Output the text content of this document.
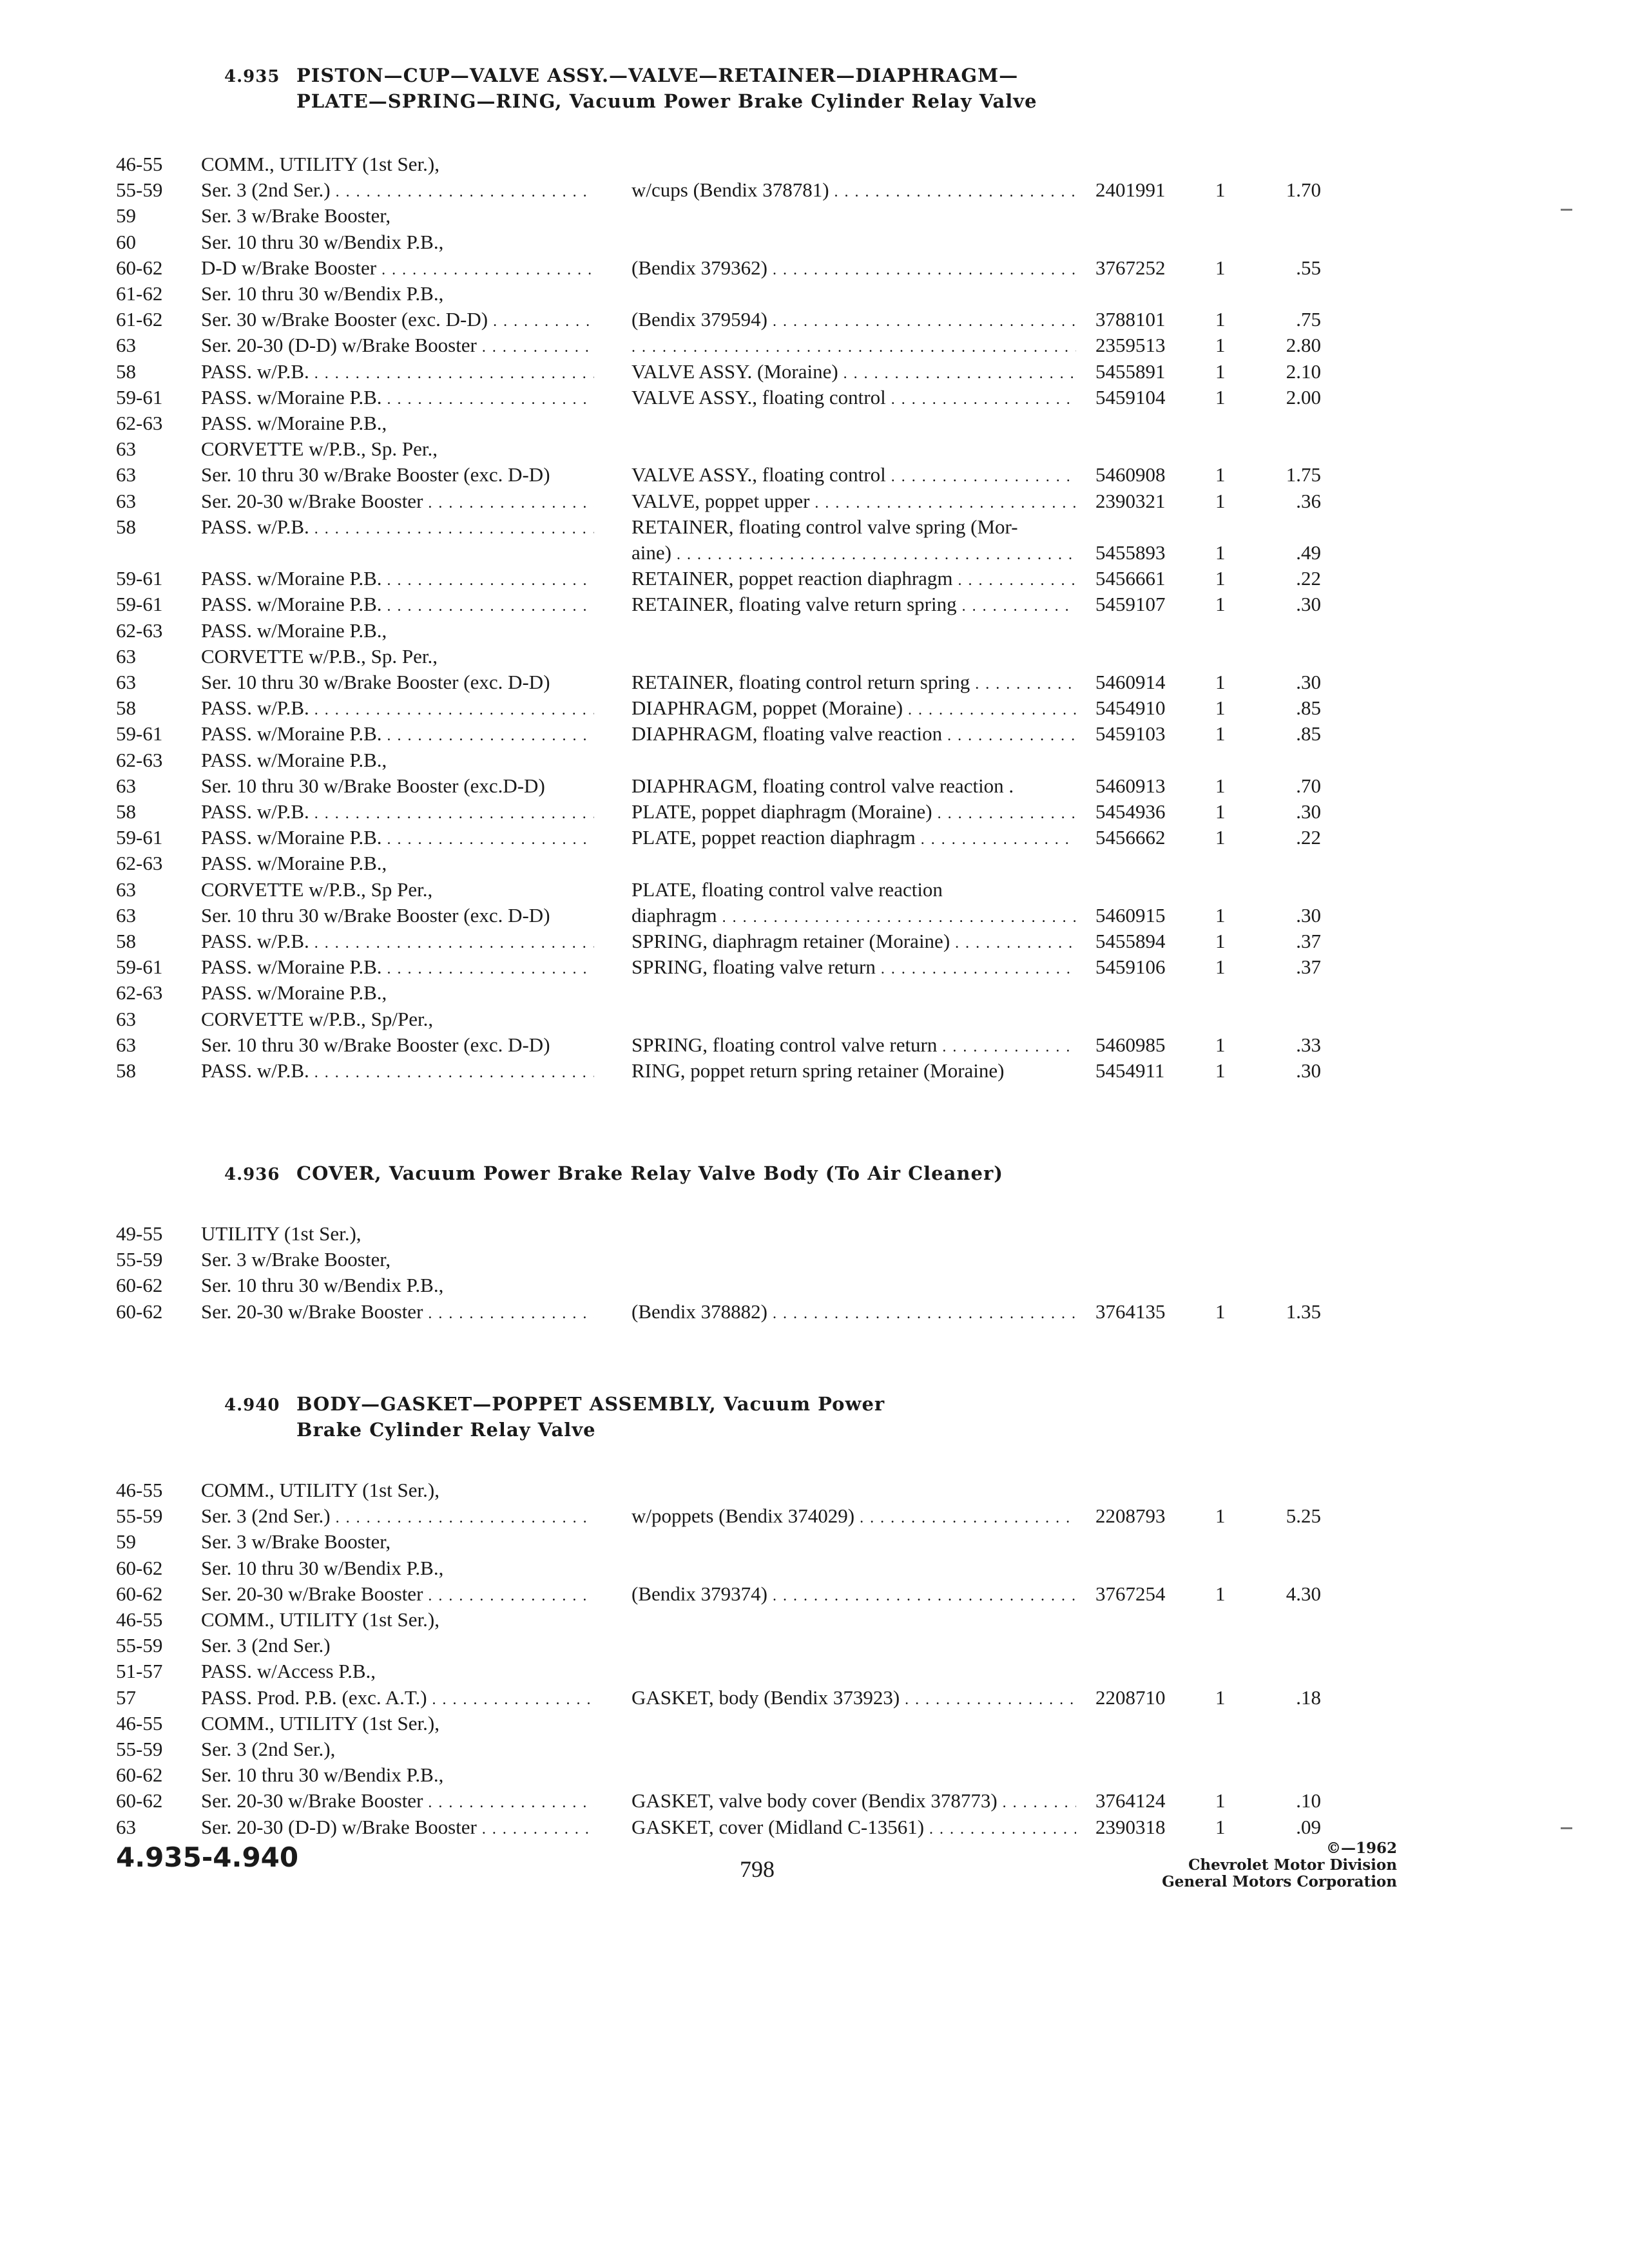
4.935 PISTON—CUP—VALVE ASSY.—VALVE—RETAINER—DIAPHRAGM—
PLATE—SPRING—RING, Vacuum Power Brake Cylinder Relay Valve
46-55 COMM., UTILITY (1st Ser.),
55-59 Ser. 3 (2nd Ser.) . . .	w/cups (Bendix 378781) . . .	2401991	1	1.70
59	Ser. 3 w/Brake Booster,
60	Ser. 10 thru 30 w/Bendix P.B.,
60-62 D-D w/Brake Booster . . .	(Bendix 379362) . . .	3767252	1	.55
61-62 Ser. 10 thru 30 w/Bendix P.B.,
61-62 Ser. 30 w/Brake Booster (exc. D-D) . . .	(Bendix 379594) . . .	3788101	1	.75
63	Ser. 20-30 (D-D) w/Brake Booster . . .
. . .	2359513	1	2.80
58	PASS. w/P.B. . . .	VALVE ASSY. (Moraine) . . .	5455891	1	2.10
59-61 PASS. w/Moraine P.B. . . .	VALVE ASSY., floating control . . .	5459104	1	2.00
62-63 PASS. w/Moraine P.B.,
63	CORVETTE w/P.B., Sp. Per.,
63	Ser. 10 thru 30 w/Brake Booster (exc. D-D)	VALVE ASSY., floating control . . .	5460908	1	1.75
63	Ser. 20-30 w/Brake Booster . . .	VALVE, poppet upper . . .	2390321	1	.36
58	PASS. w/P.B. . . .	RETAINER, floating control valve spring (Mor-
aine) . . .	5455893	1	.49
59-61 PASS. w/Moraine P.B. . . .	RETAINER, poppet reaction diaphragm . . .	5456661	1	.22
59-61 PASS. w/Moraine P.B. . . .	RETAINER, floating valve return spring . . .	5459107	1	.30
62-63 PASS. w/Moraine P.B.,
63	CORVETTE w/P.B., Sp. Per.,
63	Ser. 10 thru 30 w/Brake Booster (exc. D-D)	RETAINER, floating control return spring . . .	5460914	1	.30
58	PASS. w/P.B. . . .	DIAPHRAGM, poppet (Moraine) . . .	5454910	1	.85
59-61 PASS. w/Moraine P.B. . . .	DIAPHRAGM, floating valve reaction . . .	5459103	1	.85
62-63 PASS. w/Moraine P.B.,
63	Ser. 10 thru 30 w/Brake Booster (exc.D-D)	DIAPHRAGM, floating control valve reaction .	5460913	1	.70
58	PASS. w/P.B. . . .	PLATE, poppet diaphragm (Moraine) . . .	5454936	1	.30
59-61 PASS. w/Moraine P.B. . . .	PLATE, poppet reaction diaphragm . . .	5456662	1	.22
62-63 PASS. w/Moraine P.B.,
63	CORVETTE w/P.B., Sp Per.,	PLATE, floating control valve reaction
63	Ser. 10 thru 30 w/Brake Booster (exc. D-D)	diaphragm . . .	5460915	1	.30
58	PASS. w/P.B. . . .	SPRING, diaphragm retainer (Moraine) . . .	5455894	1	.37
59-61 PASS. w/Moraine P.B. . . .	SPRING, floating valve return . . .	5459106	1	.37
62-63 PASS. w/Moraine P.B.,
63	CORVETTE w/P.B., Sp/Per.,
63	Ser. 10 thru 30 w/Brake Booster (exc. D-D)	SPRING, floating control valve return . . .	5460985	1	.33
58	PASS. w/P.B. . . .	RING, poppet return spring retainer (Moraine)	5454911	1	.30
4.936 COVER, Vacuum Power Brake Relay Valve Body (To Air Cleaner)
49-55 UTILITY (1st Ser.),
55-59 Ser. 3 w/Brake Booster,
60-62 Ser. 10 thru 30 w/Bendix P.B.,
60-62 Ser. 20-30 w/Brake Booster . . .	(Bendix 378882) . . .	3764135	1	1.35
4.940 BODY—GASKET—POPPET ASSEMBLY, Vacuum Power
Brake Cylinder Relay Valve
46-55 COMM., UTILITY (1st Ser.),
55-59 Ser. 3 (2nd Ser.) . . .	w/poppets (Bendix 374029) . . .	2208793	1	5.25
59	Ser. 3 w/Brake Booster,
60-62 Ser. 10 thru 30 w/Bendix P.B.,
60-62 Ser. 20-30 w/Brake Booster . . .	(Bendix 379374) . . .	3767254	1	4.30
46-55 COMM., UTILITY (1st Ser.),
55-59 Ser. 3 (2nd Ser.)
51-57 PASS. w/Access P.B.,
57	PASS. Prod. P.B. (exc. A.T.) . . .	GASKET, body (Bendix 373923) . . .	2208710	1	.18
46-55 COMM., UTILITY (1st Ser.),
55-59 Ser. 3 (2nd Ser.),
60-62 Ser. 10 thru 30 w/Bendix P.B.,
60-62 Ser. 20-30 w/Brake Booster . . .	GASKET, valve body cover (Bendix 378773) . . .	3764124	1	.10
63	Ser. 20-30 (D-D) w/Brake Booster . . .	GASKET, cover (Midland C-13561) . . .	2390318	1	.09
4.935-4.940	798
©—1962
Chevrolet Motor Division
General Motors Corporation
